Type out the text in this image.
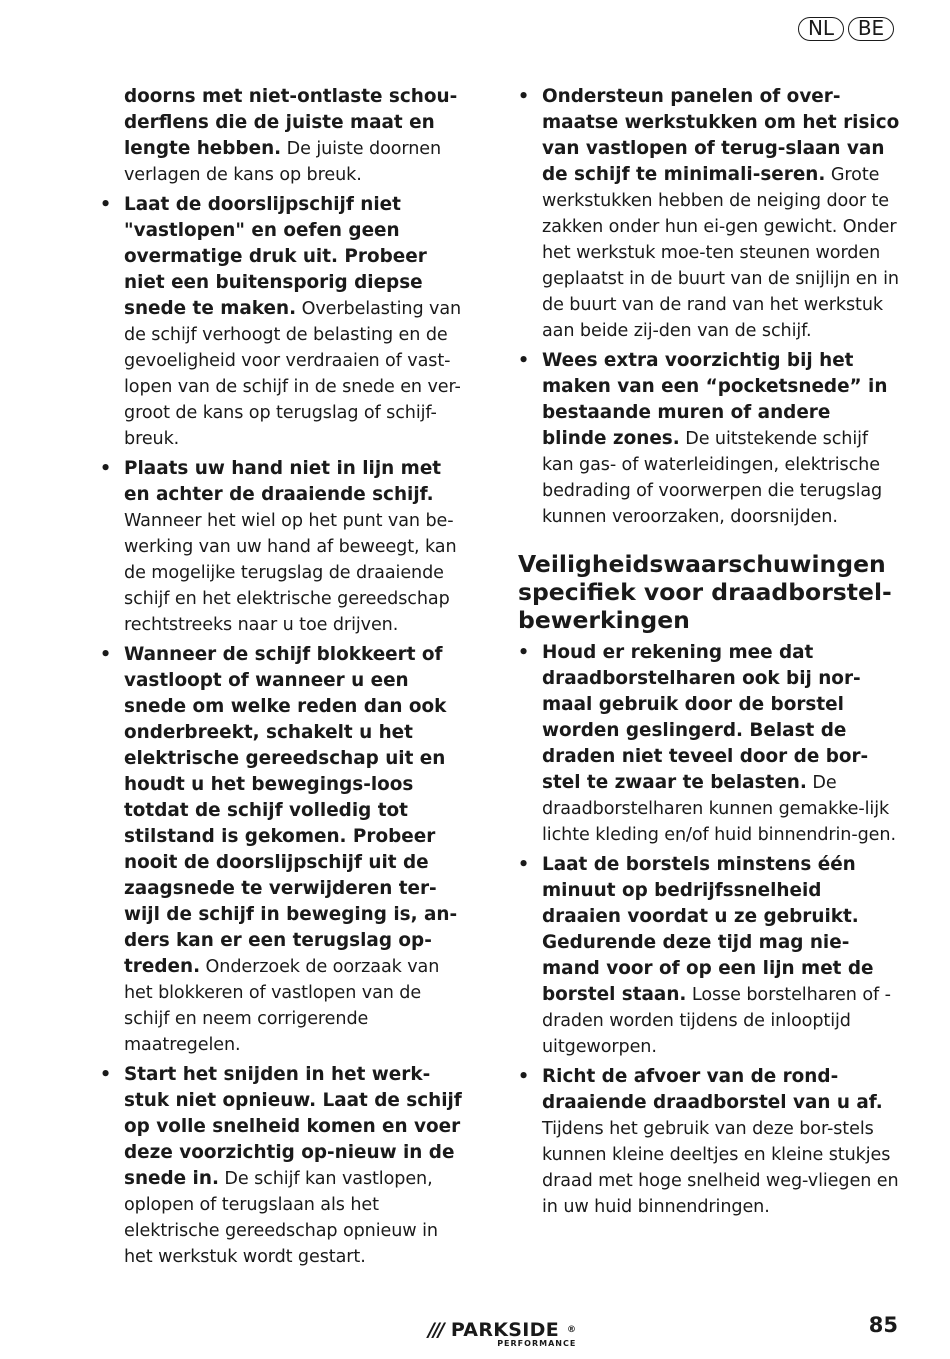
NL	BE
doorns met niet-ontlaste schou-derflens die de juiste maat en lengte hebben. De juiste doornen verlagen de kans op breuk.
• Laat de doorslijpschijf niet "vastlopen" en oefen geen overmatige druk uit. Probeer niet een buitensporig diepse snede te maken. Overbelasting van de schijf verhoogt de belasting en de gevoeligheid voor verdraaien of vast-lopen van de schijf in de snede en ver-groot de kans op terugslag of schijf-breuk.
• Plaats uw hand niet in lijn met en achter de draaiende schijf. Wanneer het wiel op het punt van be-werking van uw hand af beweegt, kan de mogelijke terugslag de draaiende schijf en het elektrische gereedschap rechtstreeks naar u toe drijven.
• Wanneer de schijf blokkeert of vastloopt of wanneer u een snede om welke reden dan ook onderbreekt, schakelt u het elektrische gereedschap uit en houdt u het bewegings-loos totdat de schijf volledig tot stilstand is gekomen. Probeer nooit de doorslijpschijf uit de zaagsnede te verwijderen ter-wijl de schijf in beweging is, an-ders kan er een terugslag op-treden. Onderzoek de oorzaak van het blokkeren of vastlopen van de schijf en neem corrigerende maatregelen.
• Start het snijden in het werk-stuk niet opnieuw. Laat de schijf op volle snelheid komen en voer deze voorzichtig op-nieuw in de snede in. De schijf kan vastlopen, oplopen of terugslaan als het elektrische gereedschap opnieuw in het werkstuk wordt gestart.
• Ondersteun panelen of over-maatse werkstukken om het risico van vastlopen of terug-slaan van de schijf te minimali-seren. Grote werkstukken hebben de neiging door te zakken onder hun ei-gen gewicht. Onder het werkstuk moe-ten steunen worden geplaatst in de buurt van de snijlijn en in de buurt van de rand van het werkstuk aan beide zij-den van de schijf.
• Wees extra voorzichtig bij het maken van een “pocketsnede” in bestaande muren of andere blinde zones. De uitstekende schijf kan gas- of waterleidingen, elektrische bedrading of voorwerpen die terugslag kunnen veroorzaken, doorsnijden.
Veiligheidswaarschuwingen specifiek voor draadborstel-bewerkingen
• Houd er rekening mee dat draadborstelharen ook bij nor-maal gebruik door de borstel worden geslingerd. Belast de draden niet teveel door de bor-stel te zwaar te belasten. De draadborstelharen kunnen gemakke-lijk lichte kleding en/of huid binnendrin-gen.
• Laat de borstels minstens één minuut op bedrijfssnelheid draaien voordat u ze gebruikt. Gedurende deze tijd mag nie-mand voor of op een lijn met de borstel staan. Losse borstelharen of -draden worden tijdens de inlooptijd uitgeworpen.
• Richt de afvoer van de rond-draaiende draadborstel van u af. Tijdens het gebruik van deze bor-stels kunnen kleine deeltjes en kleine stukjes draad met hoge snelheid weg-vliegen en in uw huid binnendringen.
/// PARKSIDE ®
PERFORMANCE
85
